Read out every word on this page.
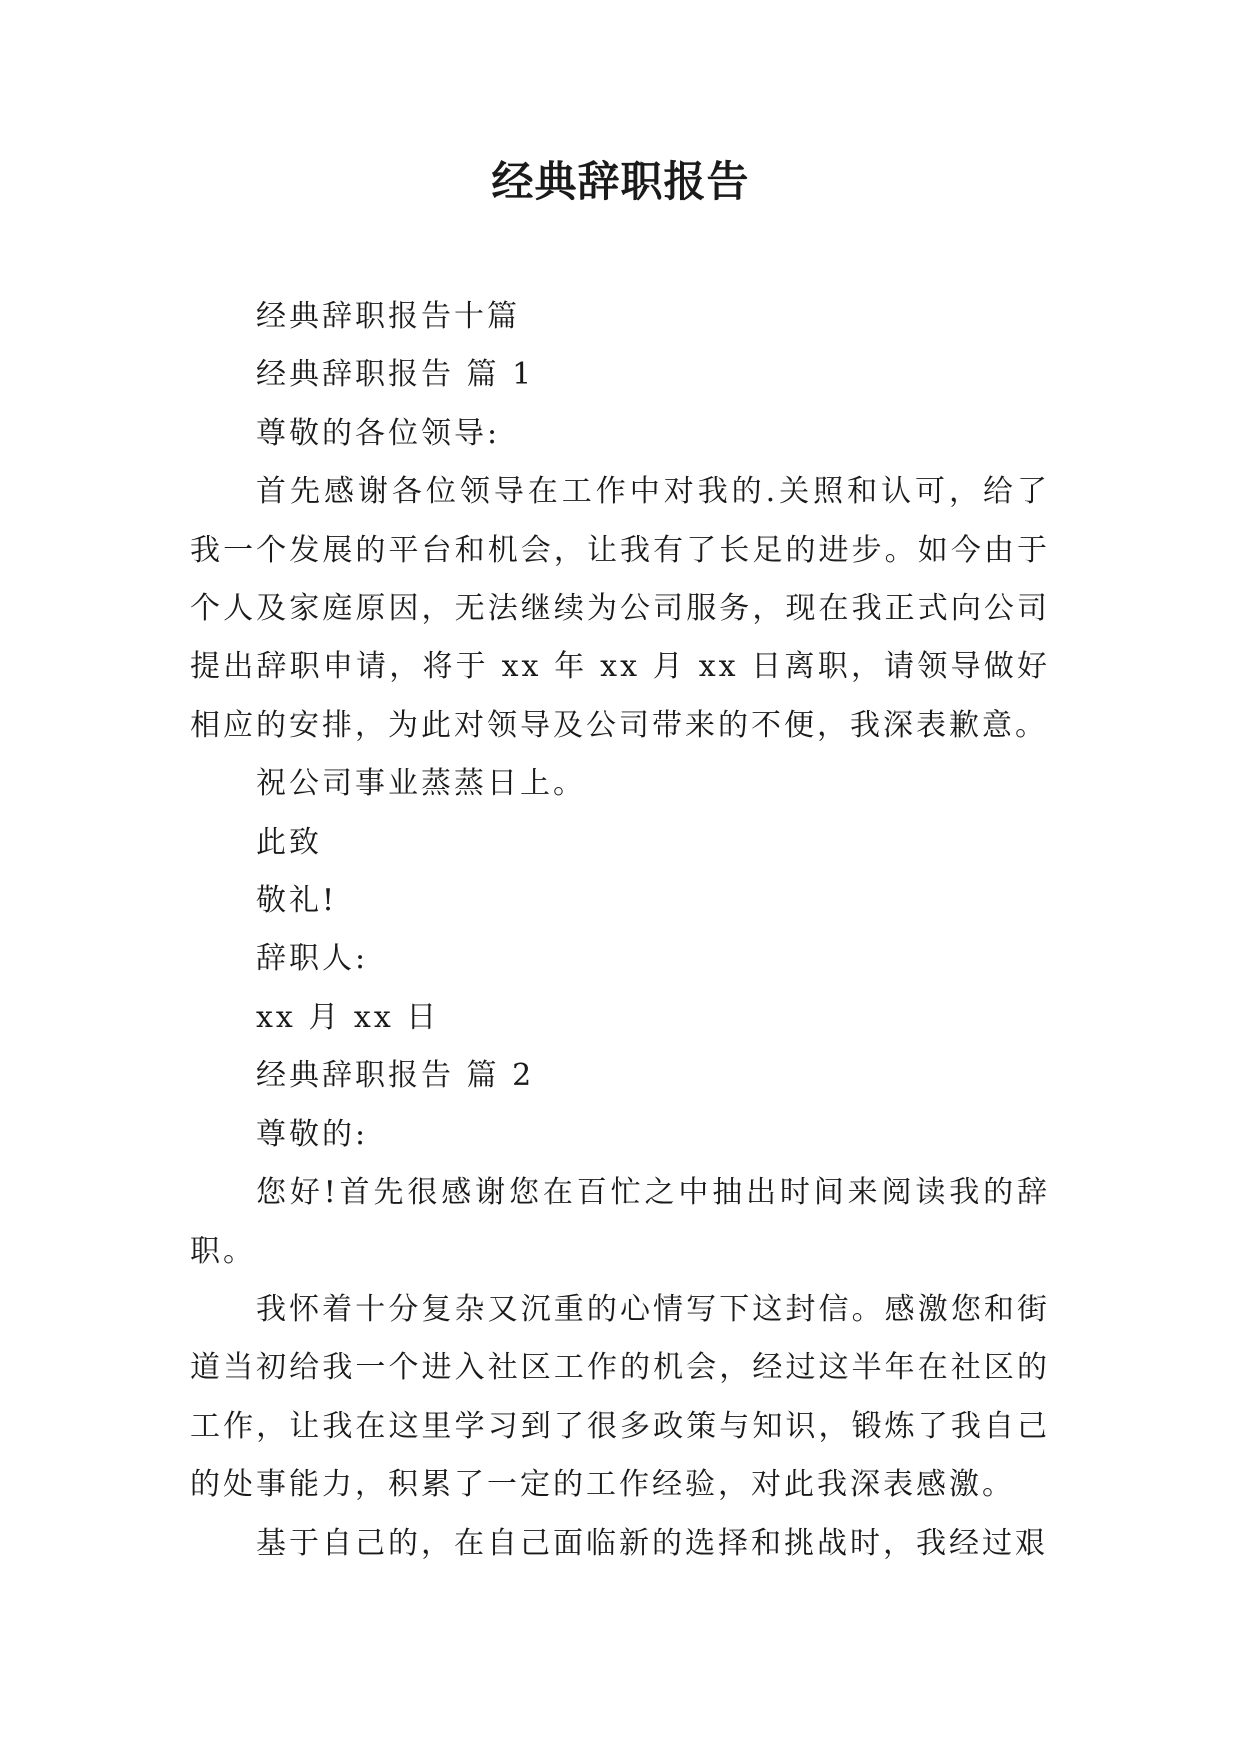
经典辞职报告

经典辞职报告十篇

经典辞职报告 篇 1

尊敬的各位领导:

首先感谢各位领导在工作中对我的.关照和认可，给了我一个发展的平台和机会，让我有了长足的进步。如今由于个人及家庭原因，无法继续为公司服务，现在我正式向公司提出辞职申请，将于 xx 年 xx 月 xx 日离职，请领导做好相应的安排，为此对领导及公司带来的不便，我深表歉意。

祝公司事业蒸蒸日上。

此致

敬礼!

辞职人:

xx 月 xx 日

经典辞职报告 篇 2

尊敬的:

您好!首先很感谢您在百忙之中抽出时间来阅读我的辞职。

我怀着十分复杂又沉重的心情写下这封信。感激您和街道当初给我一个进入社区工作的机会，经过这半年在社区的工作，让我在这里学习到了很多政策与知识，锻炼了我自己的处事能力，积累了一定的工作经验，对此我深表感激。

基于自己的，在自己面临新的选择和挑战时，我经过艰
